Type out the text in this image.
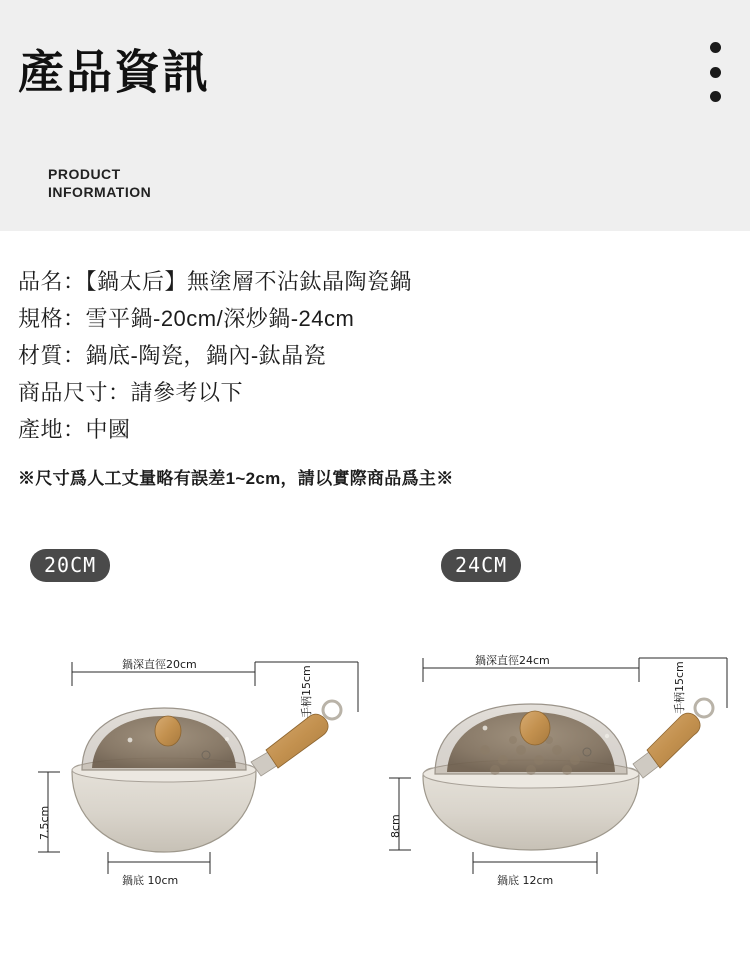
產品資訊
PRODUCT
INFORMATION
品名：【鍋太后】無塗層不沾鈦晶陶瓷鍋
規格：雪平鍋-20cm/深炒鍋-24cm
材質：鍋底-陶瓷，鍋內-鈦晶瓷
商品尺寸：請參考以下
產地：中國
※尺寸爲人工丈量略有誤差1~2cm，請以實際商品爲主※
20CM	24CM
鍋深直徑20cm
手柄15cm
7.5cm
鍋底 10cm
鍋深直徑24cm
手柄15cm
8cm
鍋底 12cm
